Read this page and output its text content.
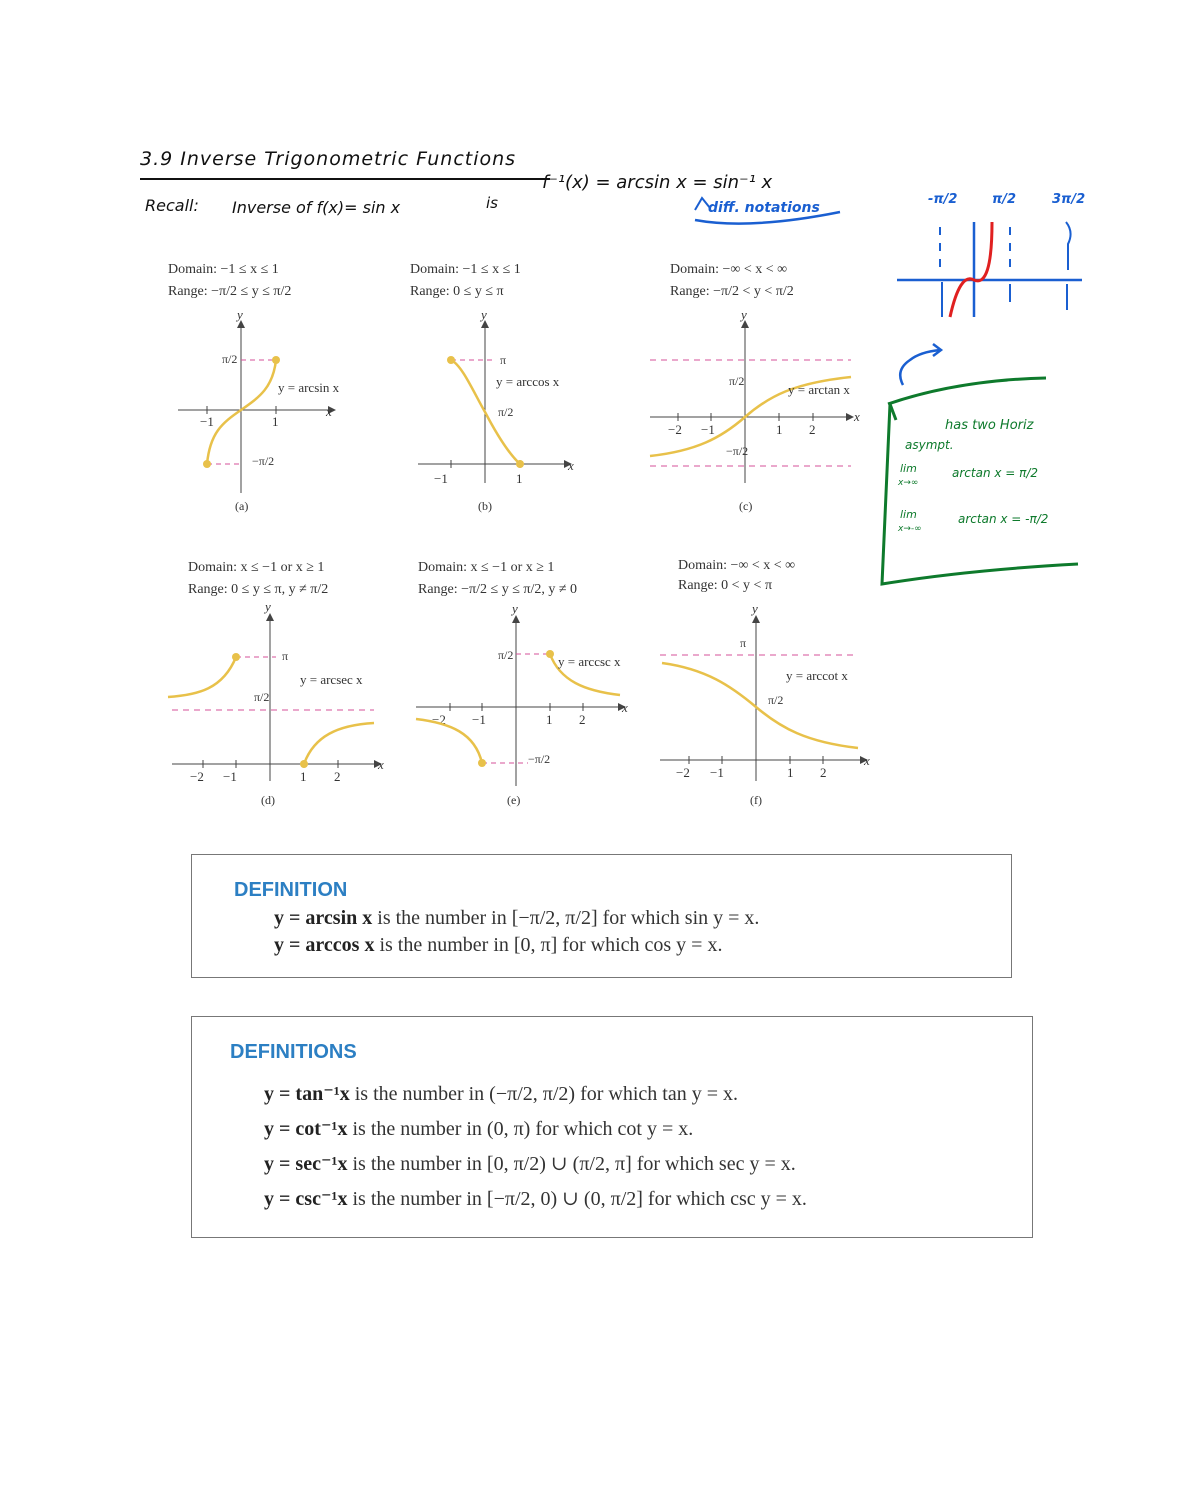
3.9 Inverse Trigonometric Functions
Recall: Inverse of f(x)= sin x	is
f⁻¹(x) = arcsin x = sin⁻¹ x
diff. notations
-π/2	π/2	3π/2
has two Horiz
asympt.
lim
x→∞
arctan x = π/2
lim
x→-∞
arctan x = -π/2
Domain: −1 ≤ x ≤ 1
Range: −π/2 ≤ y ≤ π/2
x
y
−1	1
π/2
−π/2
y = arcsin x
(a)
Domain: −1 ≤ x ≤ 1
Range: 0 ≤ y ≤ π
x
y
−1	1
π
π/2
y = arccos x
(b)
Domain: −∞ < x < ∞
Range: −π/2 < y < π/2
x
y
−2 −1	1 2
π/2
−π/2
y = arctan x
(c)
Domain: x ≤ −1 or x ≥ 1
Range: 0 ≤ y ≤ π, y ≠ π/2
x
y
−2 −1	1 2
π
π/2
y = arcsec x
(d)
Domain: x ≤ −1 or x ≥ 1
Range: −π/2 ≤ y ≤ π/2, y ≠ 0
x
y
−2 −1	1 2
π/2
−π/2
y = arccsc x
(e)
Domain: −∞ < x < ∞
Range: 0 < y < π
x
y
−2 −1	1 2
π
π/2
y = arccot x
(f)
DEFINITION
y = arcsin x is the number in [−π/2, π/2] for which sin y = x.
y = arccos x is the number in [0, π] for which cos y = x.
DEFINITIONS
y = tan⁻¹x is the number in (−π/2, π/2) for which tan y = x.
y = cot⁻¹x is the number in (0, π) for which cot y = x.
y = sec⁻¹x is the number in [0, π/2) ∪ (π/2, π] for which sec y = x.
y = csc⁻¹x is the number in [−π/2, 0) ∪ (0, π/2] for which csc y = x.
